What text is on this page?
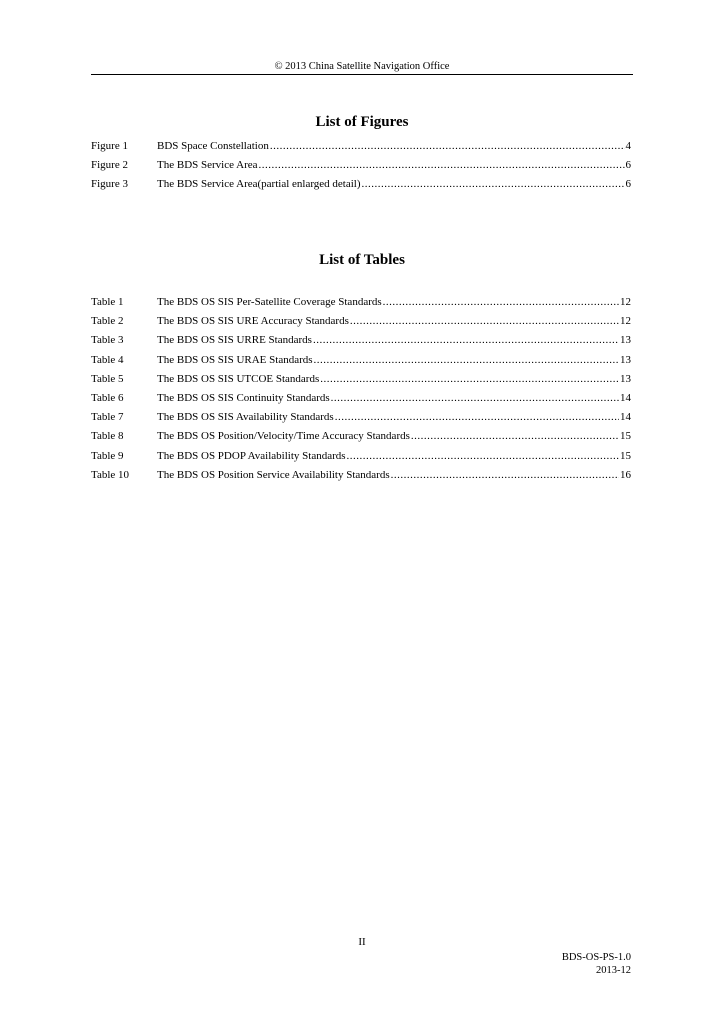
© 2013 China Satellite Navigation Office
List of Figures
Figure 1	BDS Space Constellation .....	4
Figure 2	The BDS Service Area .....	6
Figure 3	The BDS Service Area(partial enlarged detail) .....	6
List of Tables
Table 1	The BDS OS SIS Per-Satellite Coverage Standards .....	12
Table 2	The BDS OS SIS URE Accuracy Standards .....	12
Table 3	The BDS OS SIS URRE Standards .....	13
Table 4	The BDS OS SIS URAE Standards .....	13
Table 5	The BDS OS SIS UTCOE Standards .....	13
Table 6	The BDS OS SIS Continuity Standards .....	14
Table 7	The BDS OS SIS Availability Standards .....	14
Table 8	The BDS OS Position/Velocity/Time Accuracy Standards .....	15
Table 9	The BDS OS PDOP Availability Standards .....	15
Table 10	The BDS OS Position Service Availability Standards .....	16
II
BDS-OS-PS-1.0
2013-12
